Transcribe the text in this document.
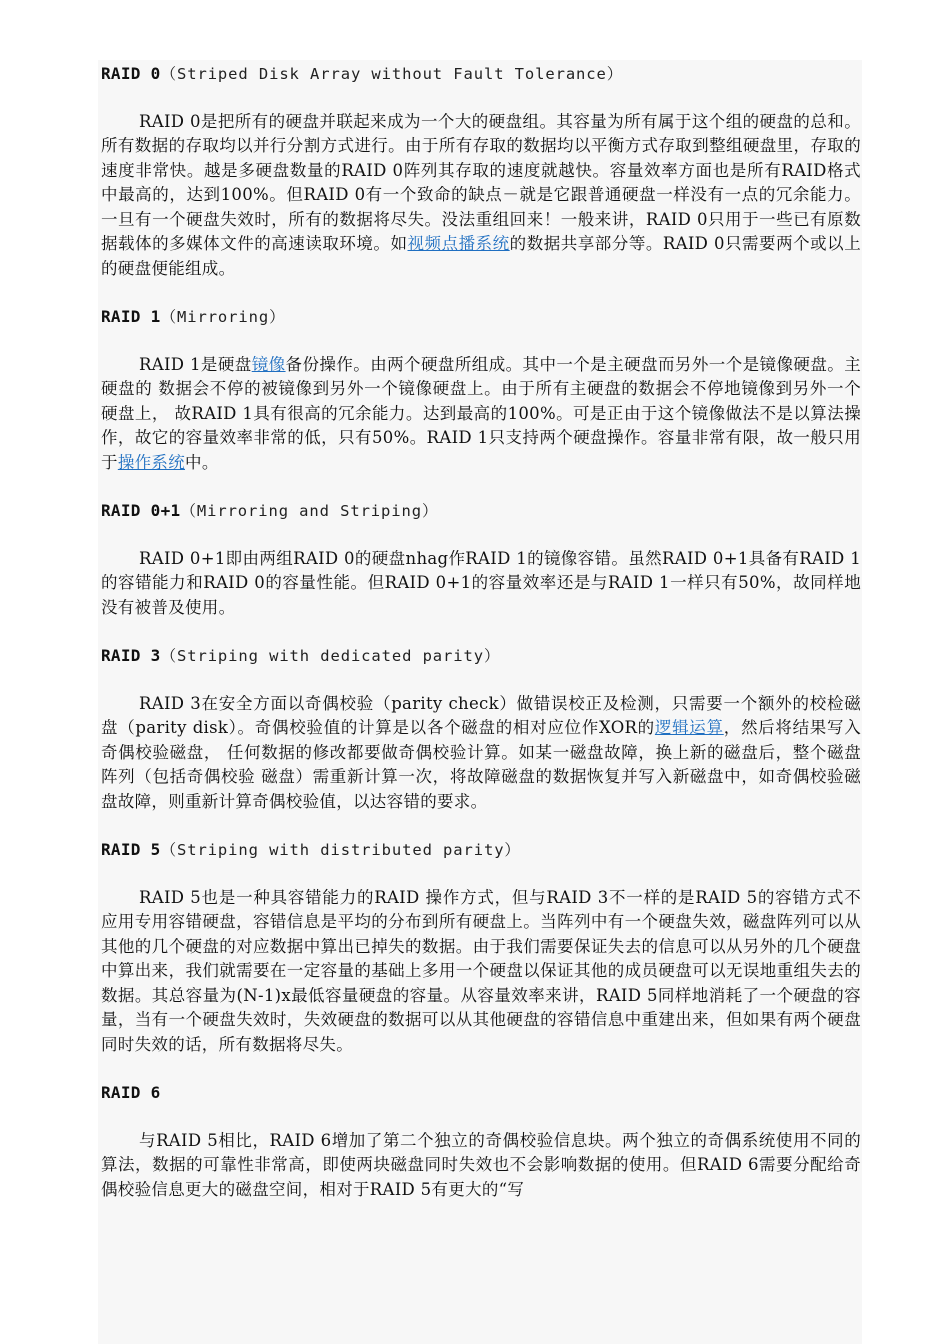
RAID 0（Striped Disk Array without Fault Tolerance）

RAID 0是把所有的硬盘并联起来成为一个大的硬盘组。其容量为所有属于这个组的硬盘的总和。所有数据的存取均以并行分割方式进行。由于所有存取的数据均以平衡方式存取到整组硬盘里，存取的速度非常快。越是多硬盘数量的RAID 0阵列其存取的速度就越快。容量效率方面也是所有RAID格式中最高的，达到100%。但RAID 0有一个致命的缺点－就是它跟普通硬盘一样没有一点的冗余能力。一旦有一个硬盘失效时，所有的数据将尽失。没法重组回来！一般来讲，RAID 0只用于一些已有原数据载体的多媒体文件的高速读取环境。如视频点播系统的数据共享部分等。RAID 0只需要两个或以上的硬盘便能组成。

RAID 1（Mirroring）

RAID 1是硬盘镜像备份操作。由两个硬盘所组成。其中一个是主硬盘而另外一个是镜像硬盘。主硬盘的 数据会不停的被镜像到另外一个镜像硬盘上。由于所有主硬盘的数据会不停地镜像到另外一个硬盘上， 故RAID 1具有很高的冗余能力。达到最高的100%。可是正由于这个镜像做法不是以算法操作，故它的容量效率非常的低，只有50%。RAID 1只支持两个硬盘操作。容量非常有限，故一般只用于操作系统中。

RAID 0+1（Mirroring and Striping）

RAID 0+1即由两组RAID 0的硬盘nhag作RAID 1的镜像容错。虽然RAID 0+1具备有RAID 1的容错能力和RAID 0的容量性能。但RAID 0+1的容量效率还是与RAID 1一样只有50%，故同样地没有被普及使用。

RAID 3（Striping with dedicated parity）

RAID 3在安全方面以奇偶校验（parity check）做错误校正及检测，只需要一个额外的校检磁盘（parity disk）。奇偶校验值的计算是以各个磁盘的相对应位作XOR的逻辑运算，然后将结果写入奇偶校验磁盘， 任何数据的修改都要做奇偶校验计算。如某一磁盘故障，换上新的磁盘后，整个磁盘阵列（包括奇偶校验 磁盘）需重新计算一次，将故障磁盘的数据恢复并写入新磁盘中，如奇偶校验磁盘故障，则重新计算奇偶校验值，以达容错的要求。

RAID 5（Striping with distributed parity）

RAID 5也是一种具容错能力的RAID 操作方式，但与RAID 3不一样的是RAID 5的容错方式不应用专用容错硬盘，容错信息是平均的分布到所有硬盘上。当阵列中有一个硬盘失效，磁盘阵列可以从其他的几个硬盘的对应数据中算出已掉失的数据。由于我们需要保证失去的信息可以从另外的几个硬盘中算出来，我们就需要在一定容量的基础上多用一个硬盘以保证其他的成员硬盘可以无误地重组失去的数据。其总容量为(N-1)x最低容量硬盘的容量。从容量效率来讲，RAID 5同样地消耗了一个硬盘的容量，当有一个硬盘失效时，失效硬盘的数据可以从其他硬盘的容错信息中重建出来，但如果有两个硬盘同时失效的话，所有数据将尽失。

RAID 6

与RAID 5相比，RAID 6增加了第二个独立的奇偶校验信息块。两个独立的奇偶系统使用不同的算法，数据的可靠性非常高，即使两块磁盘同时失效也不会影响数据的使用。但RAID 6需要分配给奇偶校验信息更大的磁盘空间，相对于RAID 5有更大的“写
